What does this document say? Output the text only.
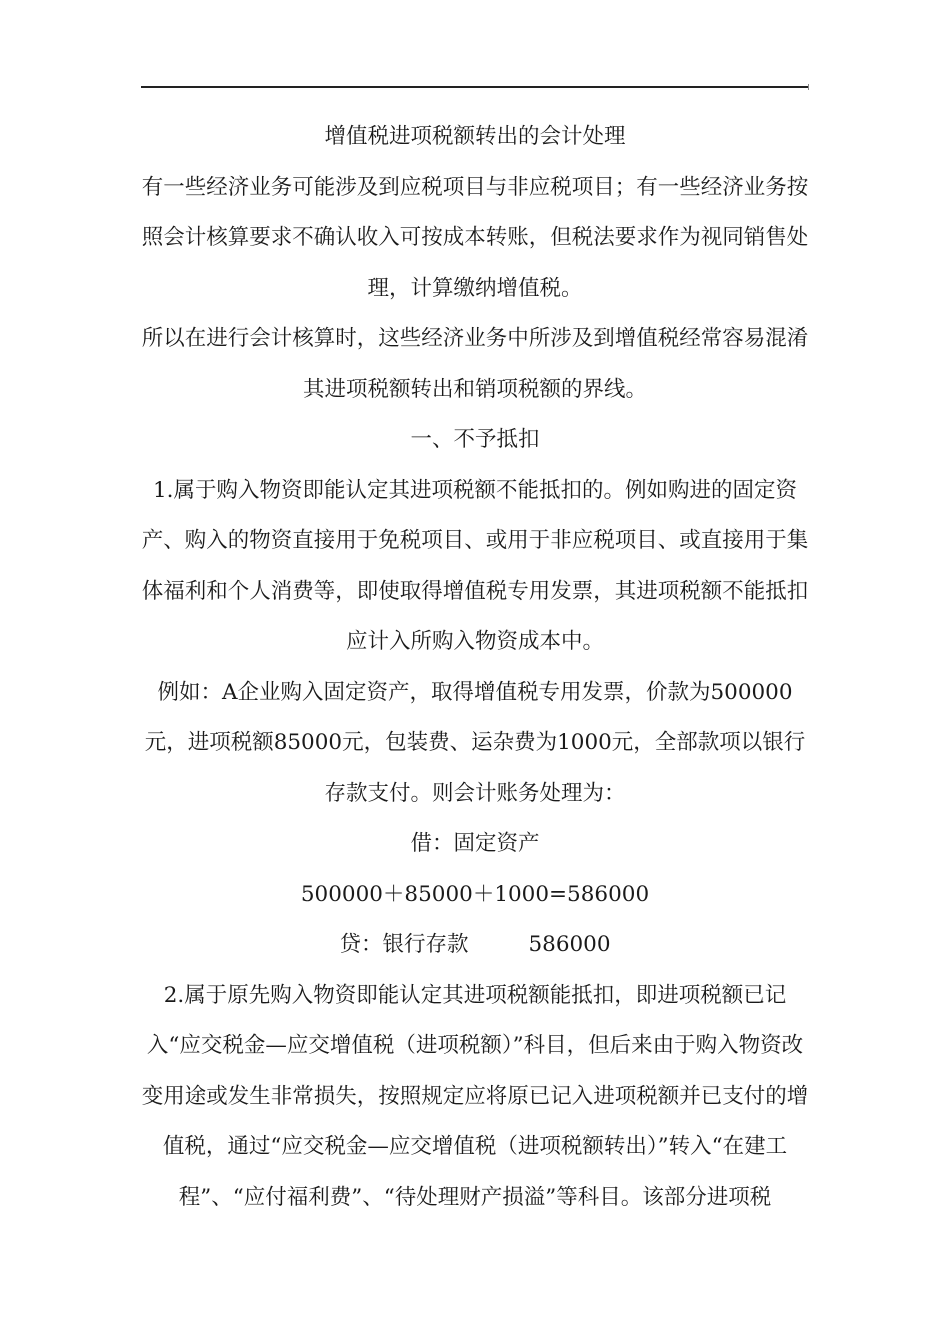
增值税进项税额转出的会计处理

有一些经济业务可能涉及到应税项目与非应税项目；有一些经济业务按照会计核算要求不确认收入可按成本转账，但税法要求作为视同销售处理，计算缴纳增值税。

所以在进行会计核算时，这些经济业务中所涉及到增值税经常容易混淆其进项税额转出和销项税额的界线。

一、不予抵扣

1.属于购入物资即能认定其进项税额不能抵扣的。例如购进的固定资产、购入的物资直接用于免税项目、或用于非应税项目、或直接用于集体福利和个人消费等，即使取得增值税专用发票，其进项税额不能抵扣应计入所购入物资成本中。

例如：A企业购入固定资产，取得增值税专用发票，价款为500000元，进项税额85000元，包装费、运杂费为1000元，全部款项以银行存款支付。则会计账务处理为：

借：固定资产

500000＋85000＋1000=586000

贷：银行存款	586000

2.属于原先购入物资即能认定其进项税额能抵扣，即进项税额已记入“应交税金—应交增值税（进项税额）”科目，但后来由于购入物资改变用途或发生非常损失，按照规定应将原已记入进项税额并已支付的增值税，通过“应交税金—应交增值税（进项税额转出）”转入“在建工程”、“应付福利费”、“待处理财产损溢”等科目。该部分进项税
